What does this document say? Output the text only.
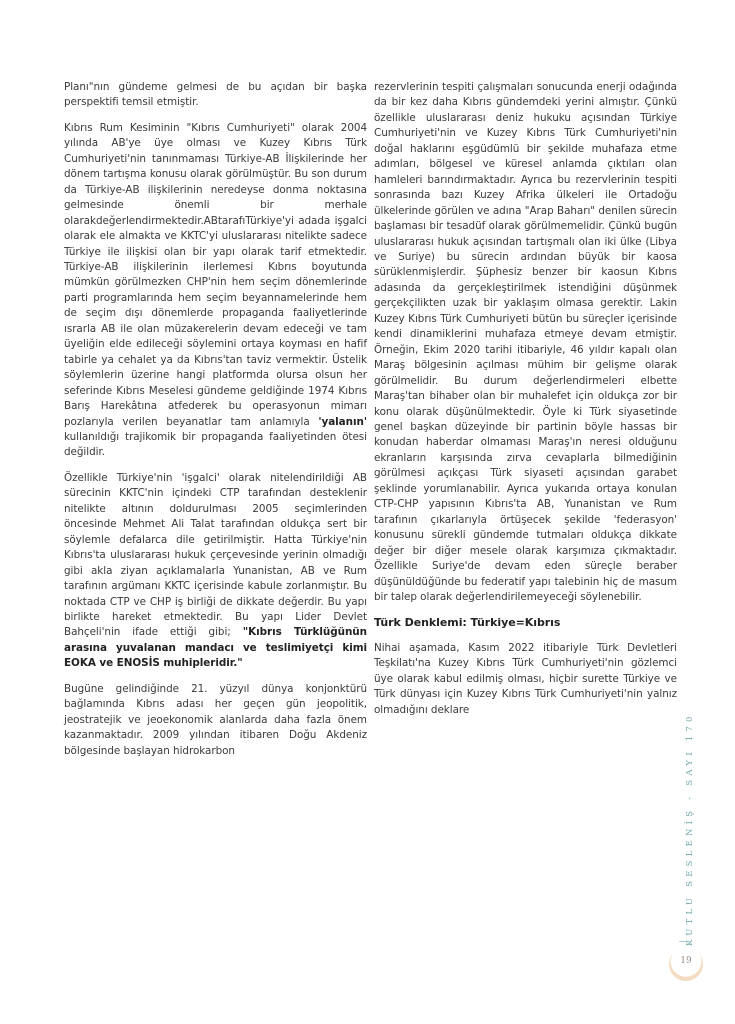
Planı"nın gündeme gelmesi de bu açıdan bir başka perspektifi temsil etmiştir.

Kıbrıs Rum Kesiminin "Kıbrıs Cumhuriyeti" olarak 2004 yılında AB'ye üye olması ve Kuzey Kıbrıs Türk Cumhuriyeti'nin tanınmaması Türkiye-AB İlişkilerinde her dönem tartışma konusu olarak görülmüştür. Bu son durum da Türkiye-AB ilişkilerinin neredeyse donma noktasına gelmesinde önemli bir merhale olarakdeğerlendirmektedir.ABtarafıTürkiye'yi adada işgalci olarak ele almakta ve KKTC'yi uluslararası nitelikte sadece Türkiye ile ilişkisi olan bir yapı olarak tarif etmektedir. Türkiye-AB ilişkilerinin ilerlemesi Kıbrıs boyutunda mümkün görülmezken CHP'nin hem seçim dönemlerinde parti programlarında hem seçim beyannamelerinde hem de seçim dışı dönemlerde propaganda faaliyetlerinde ısrarla AB ile olan müzakerelerin devam edeceği ve tam üyeliğin elde edileceği söylemini ortaya koyması en hafif tabirle ya cehalet ya da Kıbrıs'tan taviz vermektir. Üstelik söylemlerin üzerine hangi platformda olursa olsun her seferinde Kıbrıs Meselesi gündeme geldiğinde 1974 Kıbrıs Barış Harekâtına atfederek bu operasyonun mimarı pozlarıyla verilen beyanatlar tam anlamıyla 'yalanın' kullanıldığı trajikomik bir propaganda faaliyetinden ötesi değildir.

Özellikle Türkiye'nin 'işgalci' olarak nitelendirildiği AB sürecinin KKTC'nin içindeki CTP tarafından desteklenir nitelikte altının doldurulması 2005 seçimlerinden öncesinde Mehmet Ali Talat tarafından oldukça sert bir söylemle defalarca dile getirilmiştir. Hatta Türkiye'nin Kıbrıs'ta uluslararası hukuk çerçevesinde yerinin olmadığı gibi akla ziyan açıklamalarla Yunanistan, AB ve Rum tarafının argümanı KKTC içerisinde kabule zorlanmıştır. Bu noktada CTP ve CHP iş birliği de dikkate değerdir. Bu yapı birlikte hareket etmektedir. Bu yapı Lider Devlet Bahçeli'nin ifade ettiği gibi; "Kıbrıs Türklüğünün arasına yuvalanan mandacı ve teslimiyetçi kimi EOKA ve ENOSİS muhipleridir."

Bugüne gelindiğinde 21. yüzyıl dünya konjonktürü bağlamında Kıbrıs adası her geçen gün jeopolitik, jeostratejik ve jeoekonomik alanlarda daha fazla önem kazanmaktadır. 2009 yılından itibaren Doğu Akdeniz bölgesinde başlayan hidrokarbon

rezervlerinin tespiti çalışmaları sonucunda enerji odağında da bir kez daha Kıbrıs gündemdeki yerini almıştır. Çünkü özellikle uluslararası deniz hukuku açısından Türkiye Cumhuriyeti'nin ve Kuzey Kıbrıs Türk Cumhuriyeti'nin doğal haklarını eşgüdümlü bir şekilde muhafaza etme adımları, bölgesel ve küresel anlamda çıktıları olan hamleleri barındırmaktadır. Ayrıca bu rezervlerinin tespiti sonrasında bazı Kuzey Afrika ülkeleri ile Ortadoğu ülkelerinde görülen ve adına "Arap Baharı" denilen sürecin başlaması bir tesadüf olarak görülmemelidir. Çünkü bugün uluslararası hukuk açısından tartışmalı olan iki ülke (Libya ve Suriye) bu sürecin ardından büyük bir kaosa sürüklenmişlerdir. Şüphesiz benzer bir kaosun Kıbrıs adasında da gerçekleştirilmek istendiğini düşünmek gerçekçilikten uzak bir yaklaşım olmasa gerektir. Lakin Kuzey Kıbrıs Türk Cumhuriyeti bütün bu süreçler içerisinde kendi dinamiklerini muhafaza etmeye devam etmiştir. Örneğin, Ekim 2020 tarihi itibariyle, 46 yıldır kapalı olan Maraş bölgesinin açılması mühim bir gelişme olarak görülmelidir. Bu durum değerlendirmeleri elbette Maraş'tan bihaber olan bir muhalefet için oldukça zor bir konu olarak düşünülmektedir. Öyle ki Türk siyasetinde genel başkan düzeyinde bir partinin böyle hassas bir konudan haberdar olmaması Maraş'ın neresi olduğunu ekranların karşısında zırva cevaplarla bilmediğinin görülmesi açıkçası Türk siyaseti açısından garabet şeklinde yorumlanabilir. Ayrıca yukarıda ortaya konulan CTP-CHP yapısının Kıbrıs'ta AB, Yunanistan ve Rum tarafının çıkarlarıyla örtüşecek şekilde 'federasyon' konusunu sürekli gündemde tutmaları oldukça dikkate değer bir diğer mesele olarak karşımıza çıkmaktadır. Özellikle Suriye'de devam eden süreçle beraber düşünüldüğünde bu federatif yapı talebinin hiç de masum bir talep olarak değerlendirilemeyeceği söylenebilir.

Türk Denklemi: Türkiye=Kıbrıs

Nihai aşamada, Kasım 2022 itibariyle Türk Devletleri Teşkilatı'na Kuzey Kıbrıs Türk Cumhuriyeti'nin gözlemci üye olarak kabul edilmiş olması, hiçbir surette Türkiye ve Türk dünyası için Kuzey Kıbrıs Türk Cumhuriyeti'nin yalnız olmadığını deklare

KUTLU SESLENİŞ - SAYI 170
19
